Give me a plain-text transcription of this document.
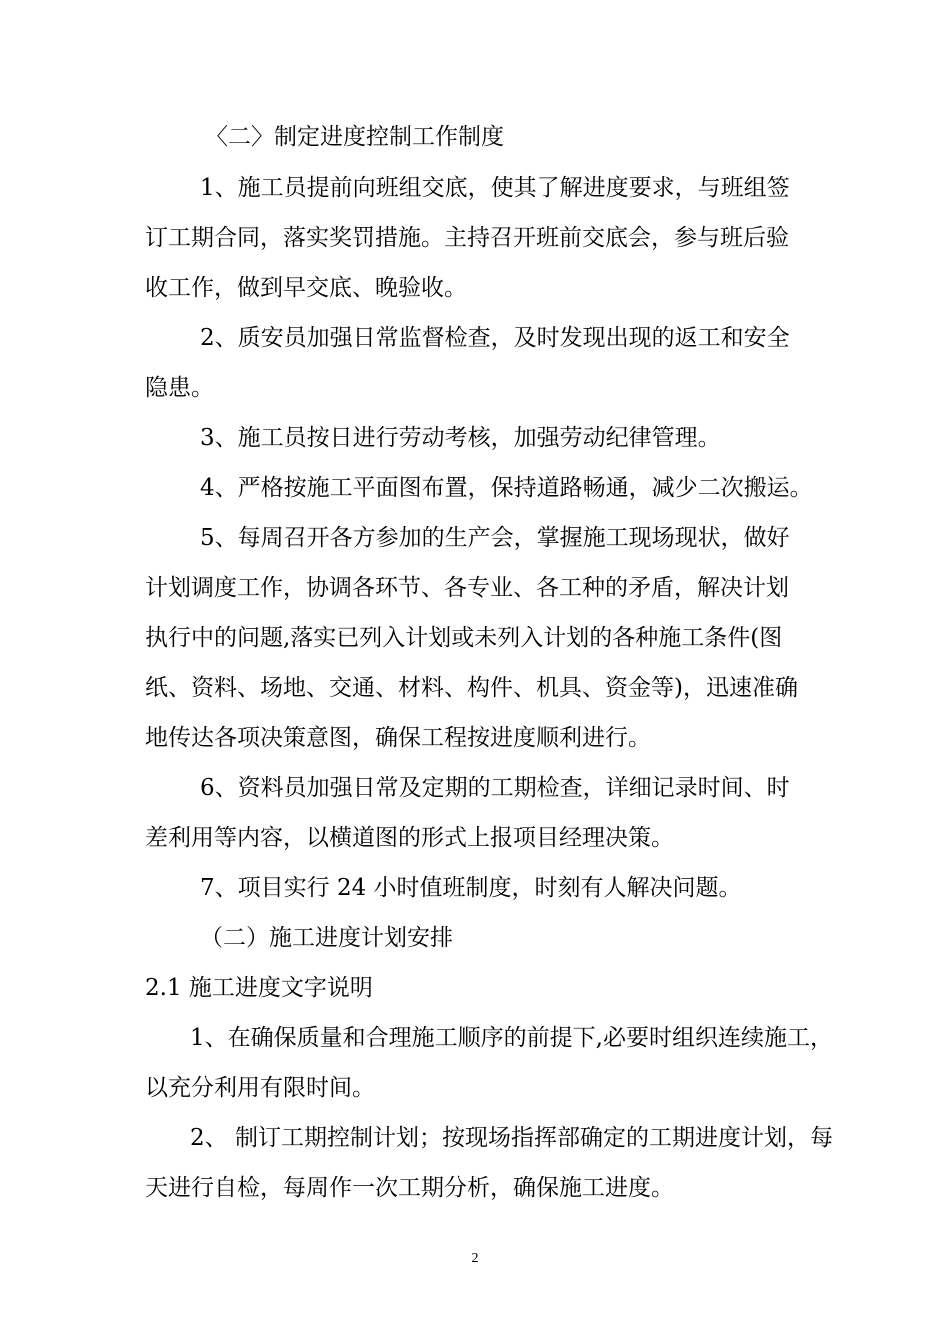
〈二〉制定进度控制工作制度

1、施工员提前向班组交底，使其了解进度要求，与班组签

订工期合同，落实奖罚措施。主持召开班前交底会，参与班后验

收工作，做到早交底、晚验收。

2、质安员加强日常监督检查，及时发现出现的返工和安全

隐患。

3、施工员按日进行劳动考核，加强劳动纪律管理。

4、严格按施工平面图布置，保持道路畅通，减少二次搬运。

5、每周召开各方参加的生产会，掌握施工现场现状，做好

计划调度工作，协调各环节、各专业、各工种的矛盾，解决计划

执行中的问题,落实已列入计划或未列入计划的各种施工条件(图

纸、资料、场地、交通、材料、构件、机具、资金等)，迅速准确

地传达各项决策意图，确保工程按进度顺利进行。

6、资料员加强日常及定期的工期检查，详细记录时间、时

差利用等内容，以横道图的形式上报项目经理决策。

7、项目实行 24 小时值班制度，时刻有人解决问题。

（二）施工进度计划安排

2.1 施工进度文字说明

1、在确保质量和合理施工顺序的前提下,必要时组织连续施工，

以充分利用有限时间。

2、 制订工期控制计划；按现场指挥部确定的工期进度计划，每

天进行自检，每周作一次工期分析，确保施工进度。

2
